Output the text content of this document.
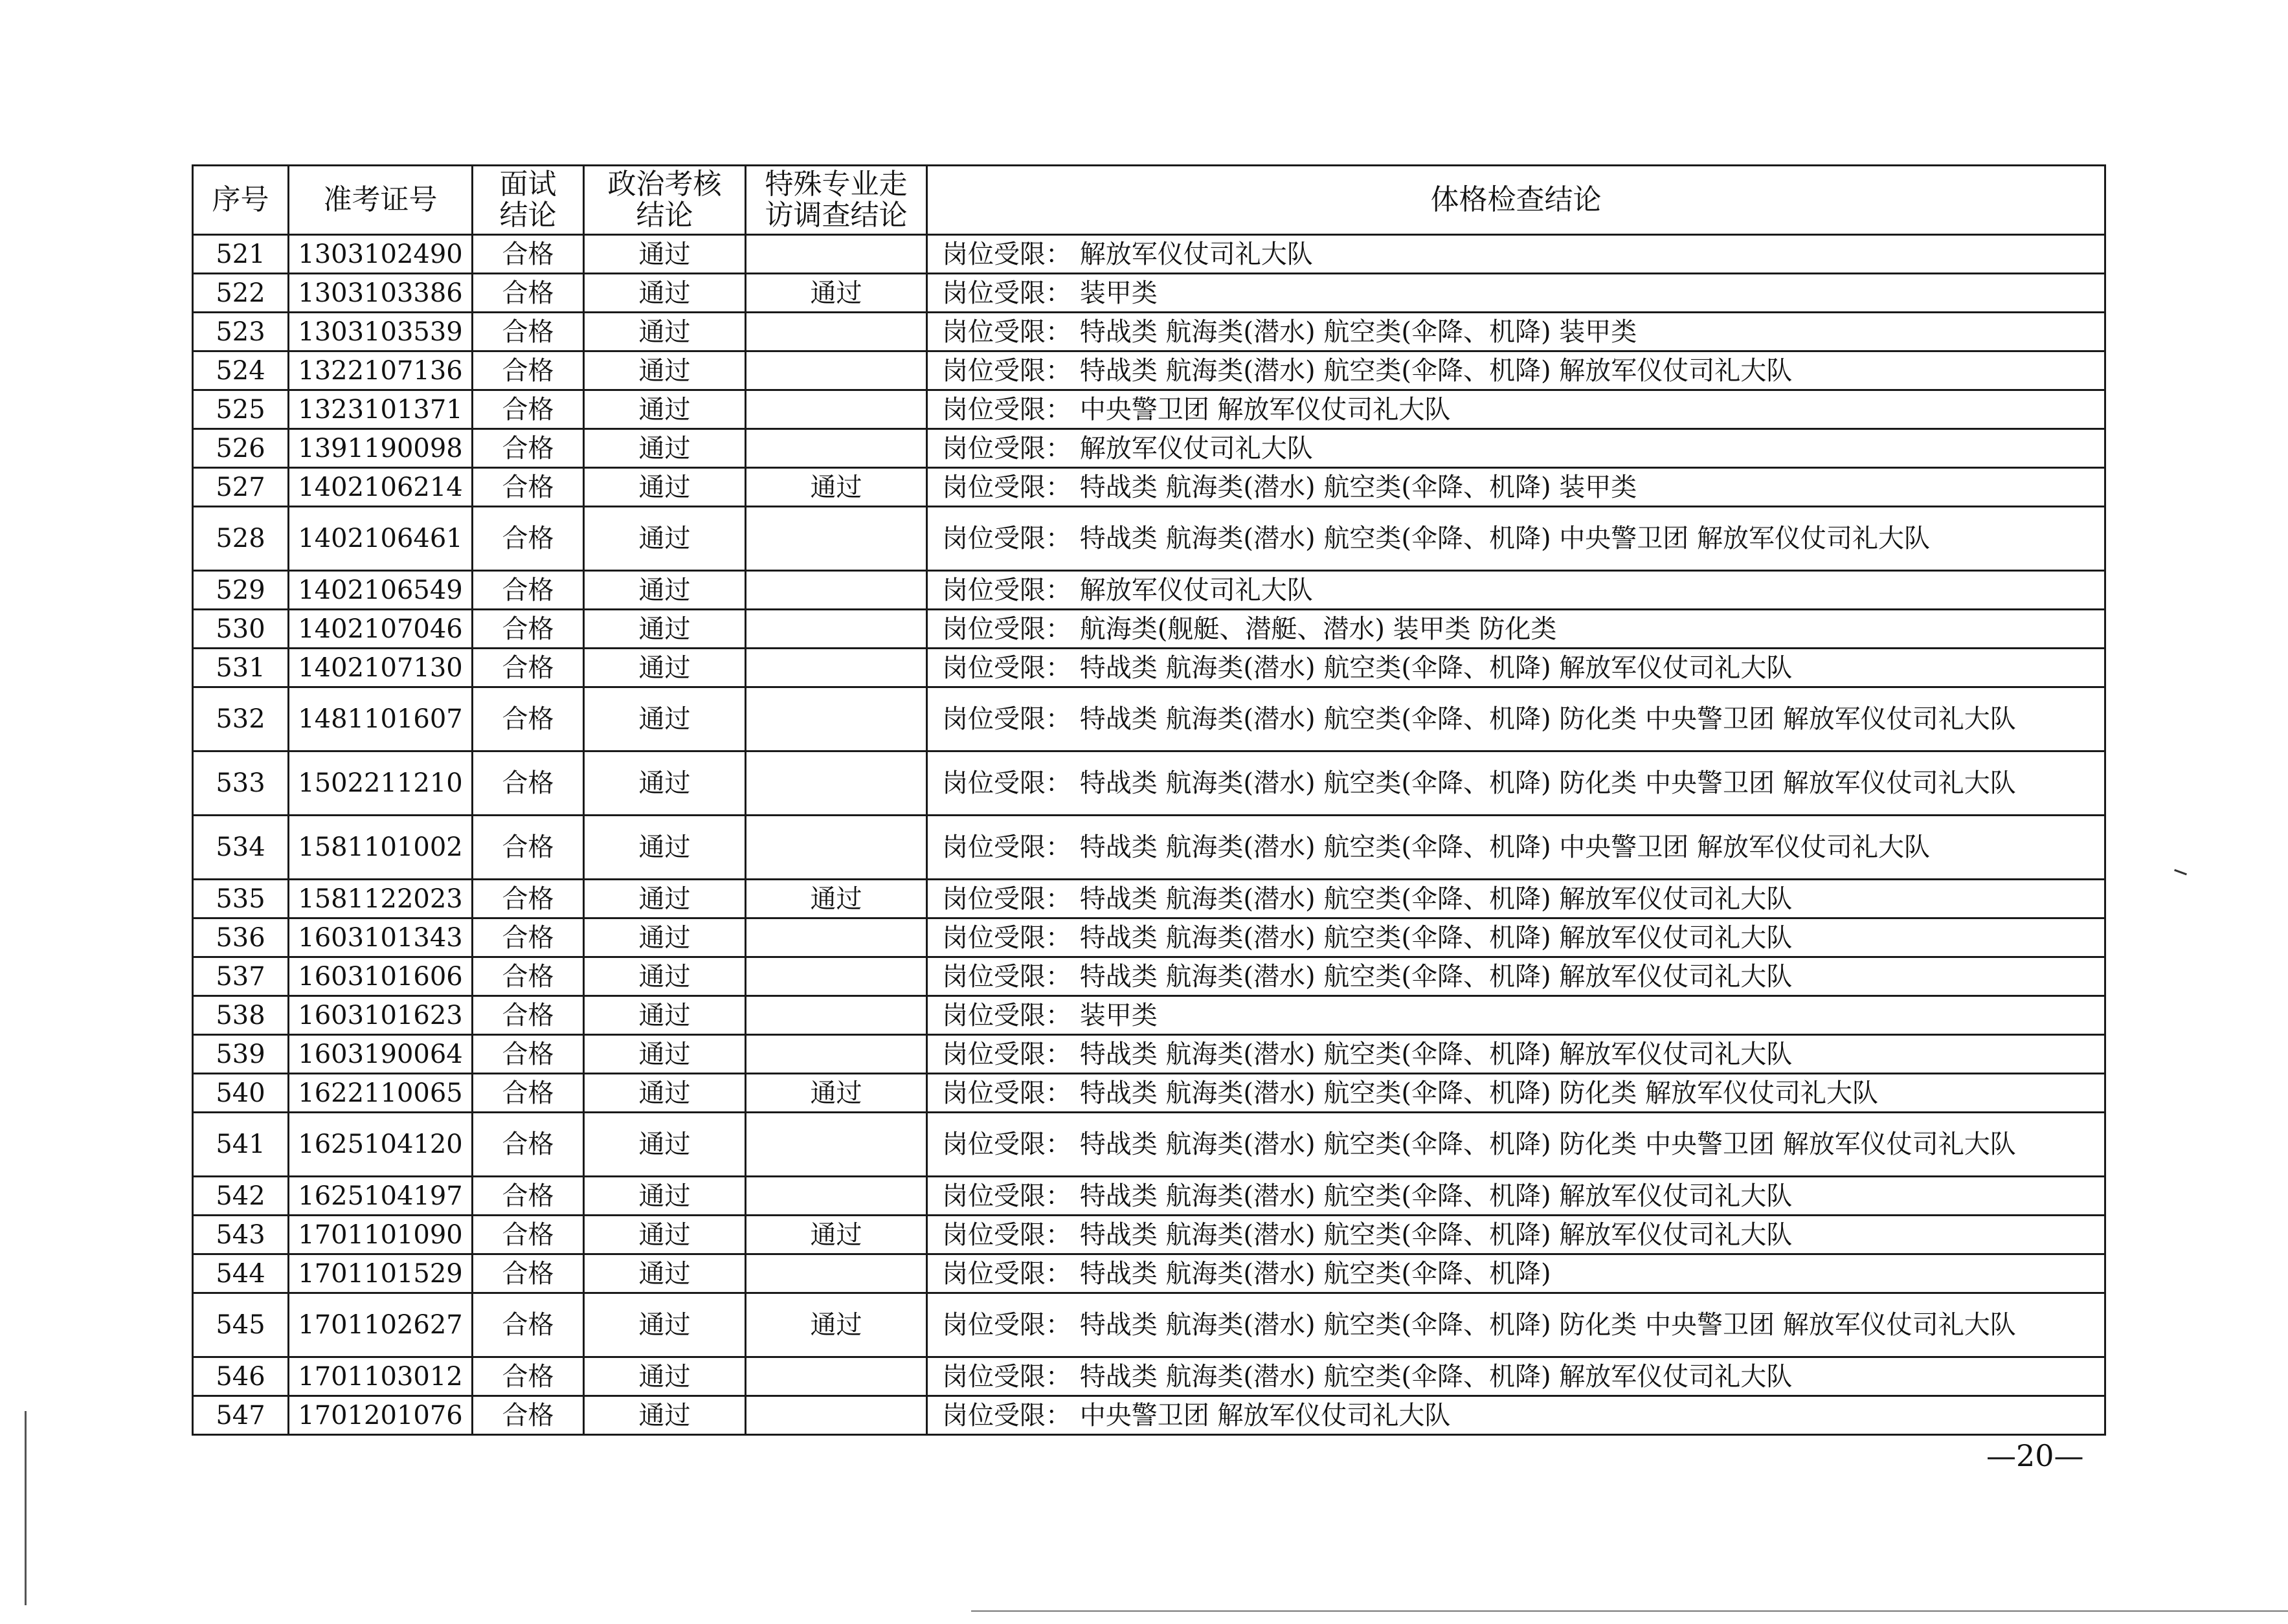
序号	准考证号	面试结论	政治考核结论	特殊专业走访调查结论	体格检查结论
521	1303102490	合格	通过		岗位受限： 解放军仪仗司礼大队
522	1303103386	合格	通过	通过	岗位受限： 装甲类
523	1303103539	合格	通过		岗位受限： 特战类 航海类(潜水) 航空类(伞降、机降) 装甲类
524	1322107136	合格	通过		岗位受限： 特战类 航海类(潜水) 航空类(伞降、机降) 解放军仪仗司礼大队
525	1323101371	合格	通过		岗位受限： 中央警卫团 解放军仪仗司礼大队
526	1391190098	合格	通过		岗位受限： 解放军仪仗司礼大队
527	1402106214	合格	通过	通过	岗位受限： 特战类 航海类(潜水) 航空类(伞降、机降) 装甲类
528	1402106461	合格	通过		岗位受限： 特战类 航海类(潜水) 航空类(伞降、机降) 中央警卫团 解放军仪仗司礼大队
529	1402106549	合格	通过		岗位受限： 解放军仪仗司礼大队
530	1402107046	合格	通过		岗位受限： 航海类(舰艇、潜艇、潜水) 装甲类 防化类
531	1402107130	合格	通过		岗位受限： 特战类 航海类(潜水) 航空类(伞降、机降) 解放军仪仗司礼大队
532	1481101607	合格	通过		岗位受限： 特战类 航海类(潜水) 航空类(伞降、机降) 防化类 中央警卫团 解放军仪仗司礼大队
533	1502211210	合格	通过		岗位受限： 特战类 航海类(潜水) 航空类(伞降、机降) 防化类 中央警卫团 解放军仪仗司礼大队
534	1581101002	合格	通过		岗位受限： 特战类 航海类(潜水) 航空类(伞降、机降) 中央警卫团 解放军仪仗司礼大队
535	1581122023	合格	通过	通过	岗位受限： 特战类 航海类(潜水) 航空类(伞降、机降) 解放军仪仗司礼大队
536	1603101343	合格	通过		岗位受限： 特战类 航海类(潜水) 航空类(伞降、机降) 解放军仪仗司礼大队
537	1603101606	合格	通过		岗位受限： 特战类 航海类(潜水) 航空类(伞降、机降) 解放军仪仗司礼大队
538	1603101623	合格	通过		岗位受限： 装甲类
539	1603190064	合格	通过		岗位受限： 特战类 航海类(潜水) 航空类(伞降、机降) 解放军仪仗司礼大队
540	1622110065	合格	通过	通过	岗位受限： 特战类 航海类(潜水) 航空类(伞降、机降) 防化类 解放军仪仗司礼大队
541	1625104120	合格	通过		岗位受限： 特战类 航海类(潜水) 航空类(伞降、机降) 防化类 中央警卫团 解放军仪仗司礼大队
542	1625104197	合格	通过		岗位受限： 特战类 航海类(潜水) 航空类(伞降、机降) 解放军仪仗司礼大队
543	1701101090	合格	通过	通过	岗位受限： 特战类 航海类(潜水) 航空类(伞降、机降) 解放军仪仗司礼大队
544	1701101529	合格	通过		岗位受限： 特战类 航海类(潜水) 航空类(伞降、机降)
545	1701102627	合格	通过	通过	岗位受限： 特战类 航海类(潜水) 航空类(伞降、机降) 防化类 中央警卫团 解放军仪仗司礼大队
546	1701103012	合格	通过		岗位受限： 特战类 航海类(潜水) 航空类(伞降、机降) 解放军仪仗司礼大队
547	1701201076	合格	通过		岗位受限： 中央警卫团 解放军仪仗司礼大队
—20—
